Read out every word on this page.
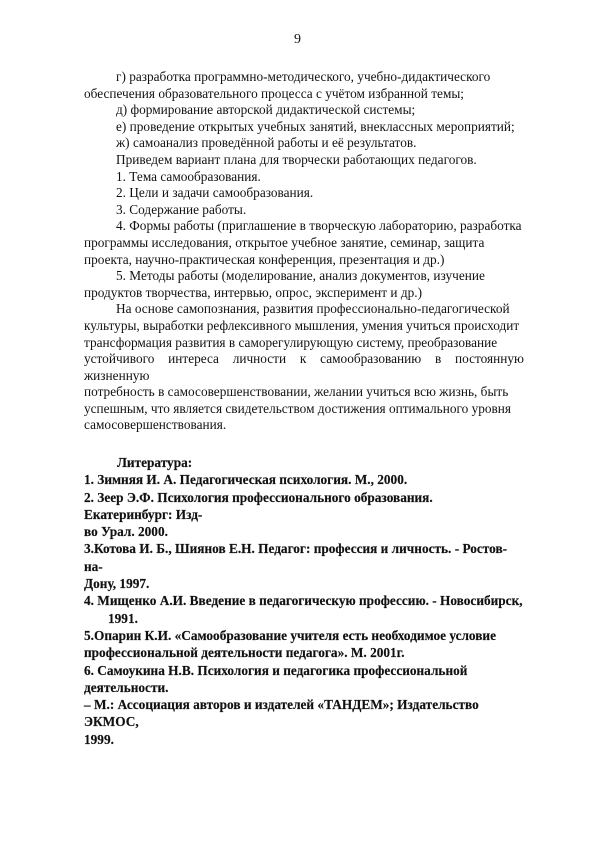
9

г) разработка программно-методического, учебно-дидактического

обеспечения образовательного процесса с учётом избранной темы;

д) формирование авторской дидактической системы;

е) проведение открытых учебных занятий, внеклассных мероприятий;

ж) самоанализ проведённой работы и её результатов.

Приведем вариант плана для творчески работающих педагогов.

1. Тема самообразования.

2. Цели и задачи самообразования.

3. Содержание работы.

4. Формы работы (приглашение в творческую лабораторию, разработка

программы исследования, открытое учебное занятие, семинар, защита

проекта, научно-практическая конференция, презентация и др.)

5. Методы работы (моделирование, анализ документов, изучение

продуктов творчества, интервью, опрос, эксперимент и др.)

На основе самопознания, развития профессионально-педагогической

культуры, выработки рефлексивного мышления, умения учиться происходит

трансформация развития в саморегулирующую систему, преобразование

устойчивого интереса личности к самообразованию в постоянную жизненную

потребность в самосовершенствовании, желании учиться всю жизнь, быть

успешным, что является свидетельством достижения оптимального уровня

самосовершенствования.

Литература:

1. Зимняя И. А. Педагогическая психология. М., 2000.
2. Зеер Э.Ф. Психология профессионального образования. Екатеринбург: Изд-
во Урал. 2000.
3.Котова И. Б., Шиянов Е.Н. Педагог: профессия и личность. - Ростов-на-
Дону, 1997.
4. Мищенко А.И. Введение в педагогическую профессию. - Новосибирск,
1991.
5.Опарин К.И. «Самообразование учителя есть необходимое условие
профессиональной деятельности педагога». М. 2001г.
6. Самоукина Н.В. Психология и педагогика профессиональной деятельности.
– М.: Ассоциация авторов и издателей «ТАНДЕМ»; Издательство ЭКМОС,
1999.
